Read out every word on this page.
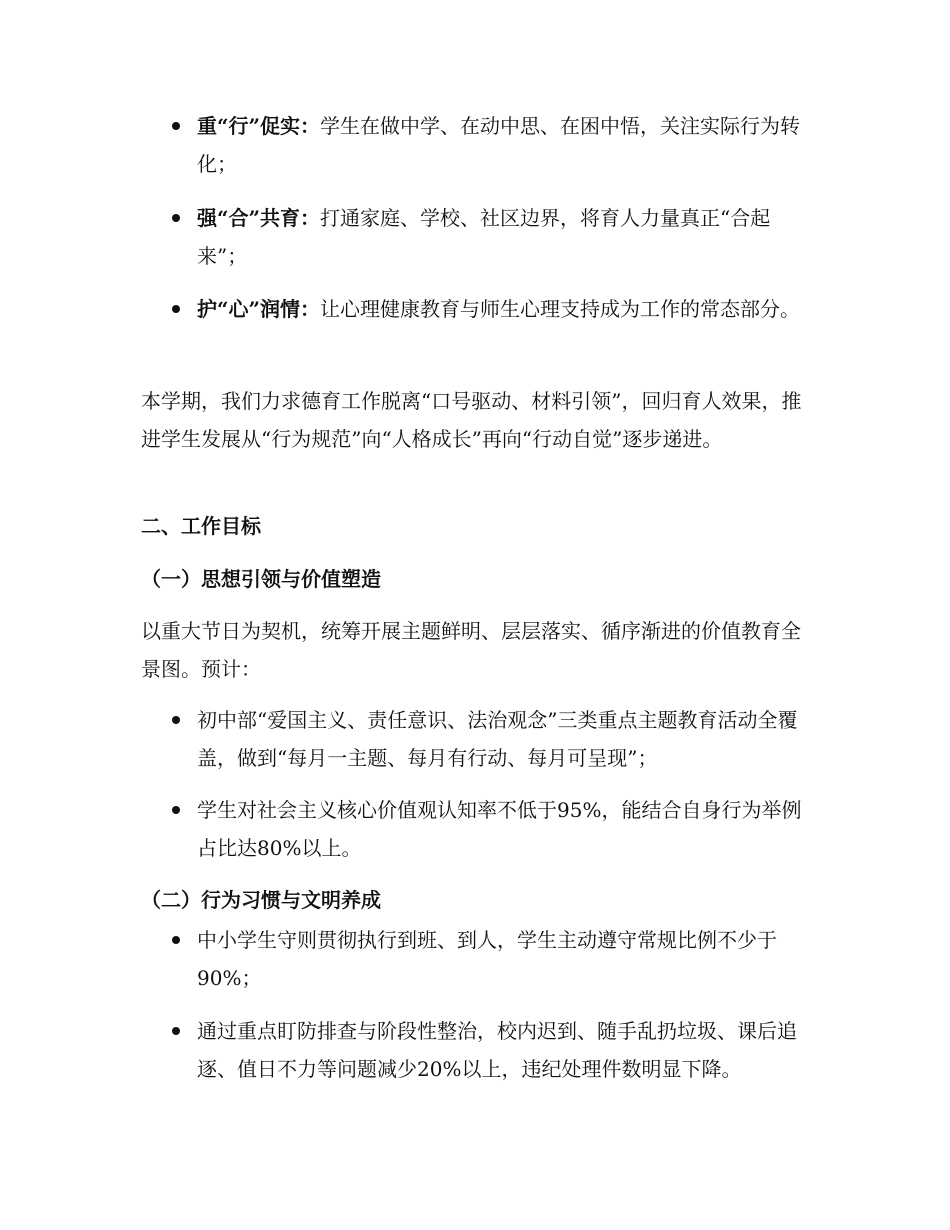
重“行”促实：学生在做中学、在动中思、在困中悟，关注实际行为转化；
强“合”共育：打通家庭、学校、社区边界，将育人力量真正“合起来”；
护“心”润情：让心理健康教育与师生心理支持成为工作的常态部分。

本学期，我们力求德育工作脱离“口号驱动、材料引领”，回归育人效果，推进学生发展从“行为规范”向“人格成长”再向“行动自觉”逐步递进。

二、工作目标
（一）思想引领与价值塑造

以重大节日为契机，统筹开展主题鲜明、层层落实、循序渐进的价值教育全景图。预计：

初中部“爱国主义、责任意识、法治观念”三类重点主题教育活动全覆盖，做到“每月一主题、每月有行动、每月可呈现”；
学生对社会主义核心价值观认知率不低于95%，能结合自身行为举例占比达80%以上。
（二）行为习惯与文明养成
中小学生守则贯彻执行到班、到人，学生主动遵守常规比例不少于90%；
通过重点盯防排查与阶段性整治，校内迟到、随手乱扔垃圾、课后追逐、值日不力等问题减少20%以上，违纪处理件数明显下降。
